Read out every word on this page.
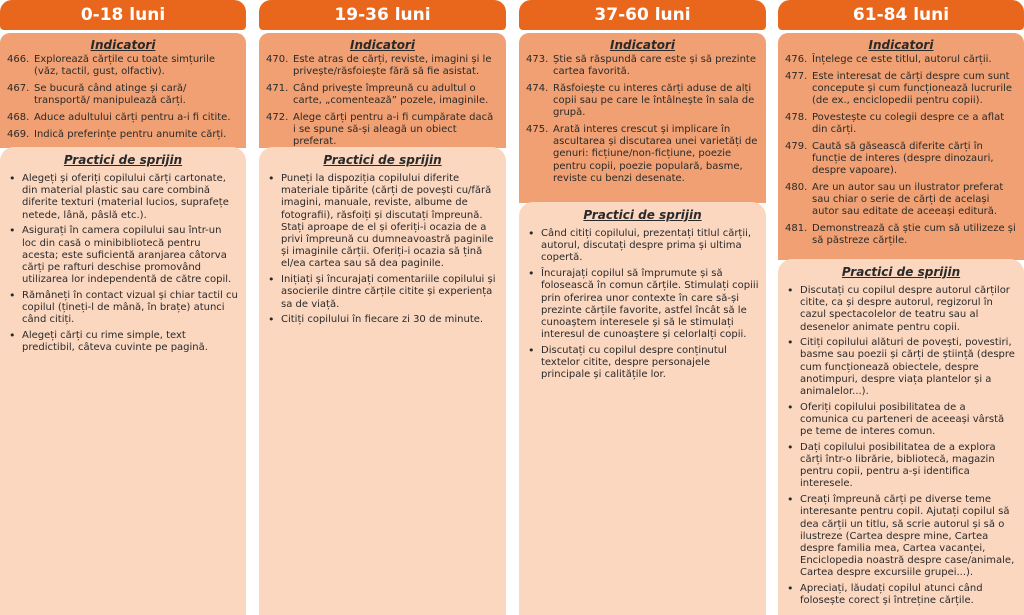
0-18 luni
Indicatori
466. Explorează cărțile cu toate simțurile (văz, tactil, gust, olfactiv).
467. Se bucură când atinge și cară/ transportă/ manipulează cărți.
468. Aduce adultului cărți pentru a-i fi citite.
469. Indică preferințe pentru anumite cărți.
Practici de sprijin
• Alegeți și oferiți copilului cărți cartonate, din material plastic sau care combină diferite texturi (material lucios, suprafețe netede, lână, pâslă etc.).
• Asigurați în camera copilului sau într-un loc din casă o minibibliotecă pentru acesta; este suficientă aranjarea câtorva cărți pe rafturi deschise promovând utilizarea lor independentă de către copil.
• Rămâneți în contact vizual și chiar tactil cu copilul (țineți-l de mână, în brațe) atunci când citiți.
• Alegeți cărți cu rime simple, text predictibil, câteva cuvinte pe pagină.
19-36 luni
Indicatori
470. Este atras de cărți, reviste, imagini și le privește/răsfoiește fără să fie asistat.
471. Când privește împreună cu adultul o carte, „comentează” pozele, imaginile.
472. Alege cărți pentru a-i fi cumpărate dacă i se spune să-și aleagă un obiect preferat.
Practici de sprijin
• Puneți la dispoziția copilului diferite materiale tipărite (cărți de povești cu/fără imagini, manuale, reviste, albume de fotografii), răsfoiți și discutați împreună. Stați aproape de el și oferiți-i ocazia de a privi împreună cu dumneavoastră paginile și imaginile cărții. Oferiți-i ocazia să țină el/ea cartea sau să dea paginile.
• Inițiați și încurajați comentariile copilului și asocierile dintre cărțile citite și experiența sa de viață.
• Citiți copilului în fiecare zi 30 de minute.
37-60 luni
Indicatori
473. Știe să răspundă care este și să prezinte cartea favorită.
474. Răsfoiește cu interes cărți aduse de alți copii sau pe care le întâlnește în sala de grupă.
475. Arată interes crescut și implicare în ascultarea și discutarea unei varietăți de genuri: ficțiune/non-ficțiune, poezie pentru copii, poezie populară, basme, reviste cu benzi desenate.
Practici de sprijin
• Când citiți copilului, prezentați titlul cărții, autorul, discutați despre prima și ultima copertă.
• Încurajați copilul să împrumute și să folosească în comun cărțile. Stimulați copiii prin oferirea unor contexte în care să-și prezinte cărțile favorite, astfel încât să le cunoaștem interesele și să le stimulați interesul de cunoaștere și celorlalți copii.
• Discutați cu copilul despre conținutul textelor citite, despre personajele principale și calitățile lor.
61-84 luni
Indicatori
476. Înțelege ce este titlul, autorul cărții.
477. Este interesat de cărți despre cum sunt concepute și cum funcționează lucrurile (de ex., enciclopedii pentru copii).
478. Povestește cu colegii despre ce a aflat din cărți.
479. Caută să găsească diferite cărți în funcție de interes (despre dinozauri, despre vapoare).
480. Are un autor sau un ilustrator preferat sau chiar o serie de cărți de același autor sau editate de aceeași editură.
481. Demonstrează că știe cum să utilizeze și să păstreze cărțile.
Practici de sprijin
• Discutați cu copilul despre autorul cărților citite, ca și despre autorul, regizorul în cazul spectacolelor de teatru sau al desenelor animate pentru copii.
• Citiți copilului alături de povești, povestiri, basme sau poezii și cărți de știință (despre cum funcționează obiectele, despre anotimpuri, despre viața plantelor și a animalelor...).
• Oferiți copilului posibilitatea de a comunica cu parteneri de aceeași vârstă pe teme de interes comun.
• Dați copilului posibilitatea de a explora cărți într-o librărie, bibliotecă, magazin pentru copii, pentru a-și identifica interesele.
• Creați împreună cărți pe diverse teme interesante pentru copil. Ajutați copilul să dea cărții un titlu, să scrie autorul și să o ilustreze (Cartea despre mine, Cartea despre familia mea, Cartea vacanței, Enciclopedia noastră despre case/animale, Cartea despre excursiile grupei...).
• Apreciați, lăudați copilul atunci când folosește corect și întreține cărțile.
